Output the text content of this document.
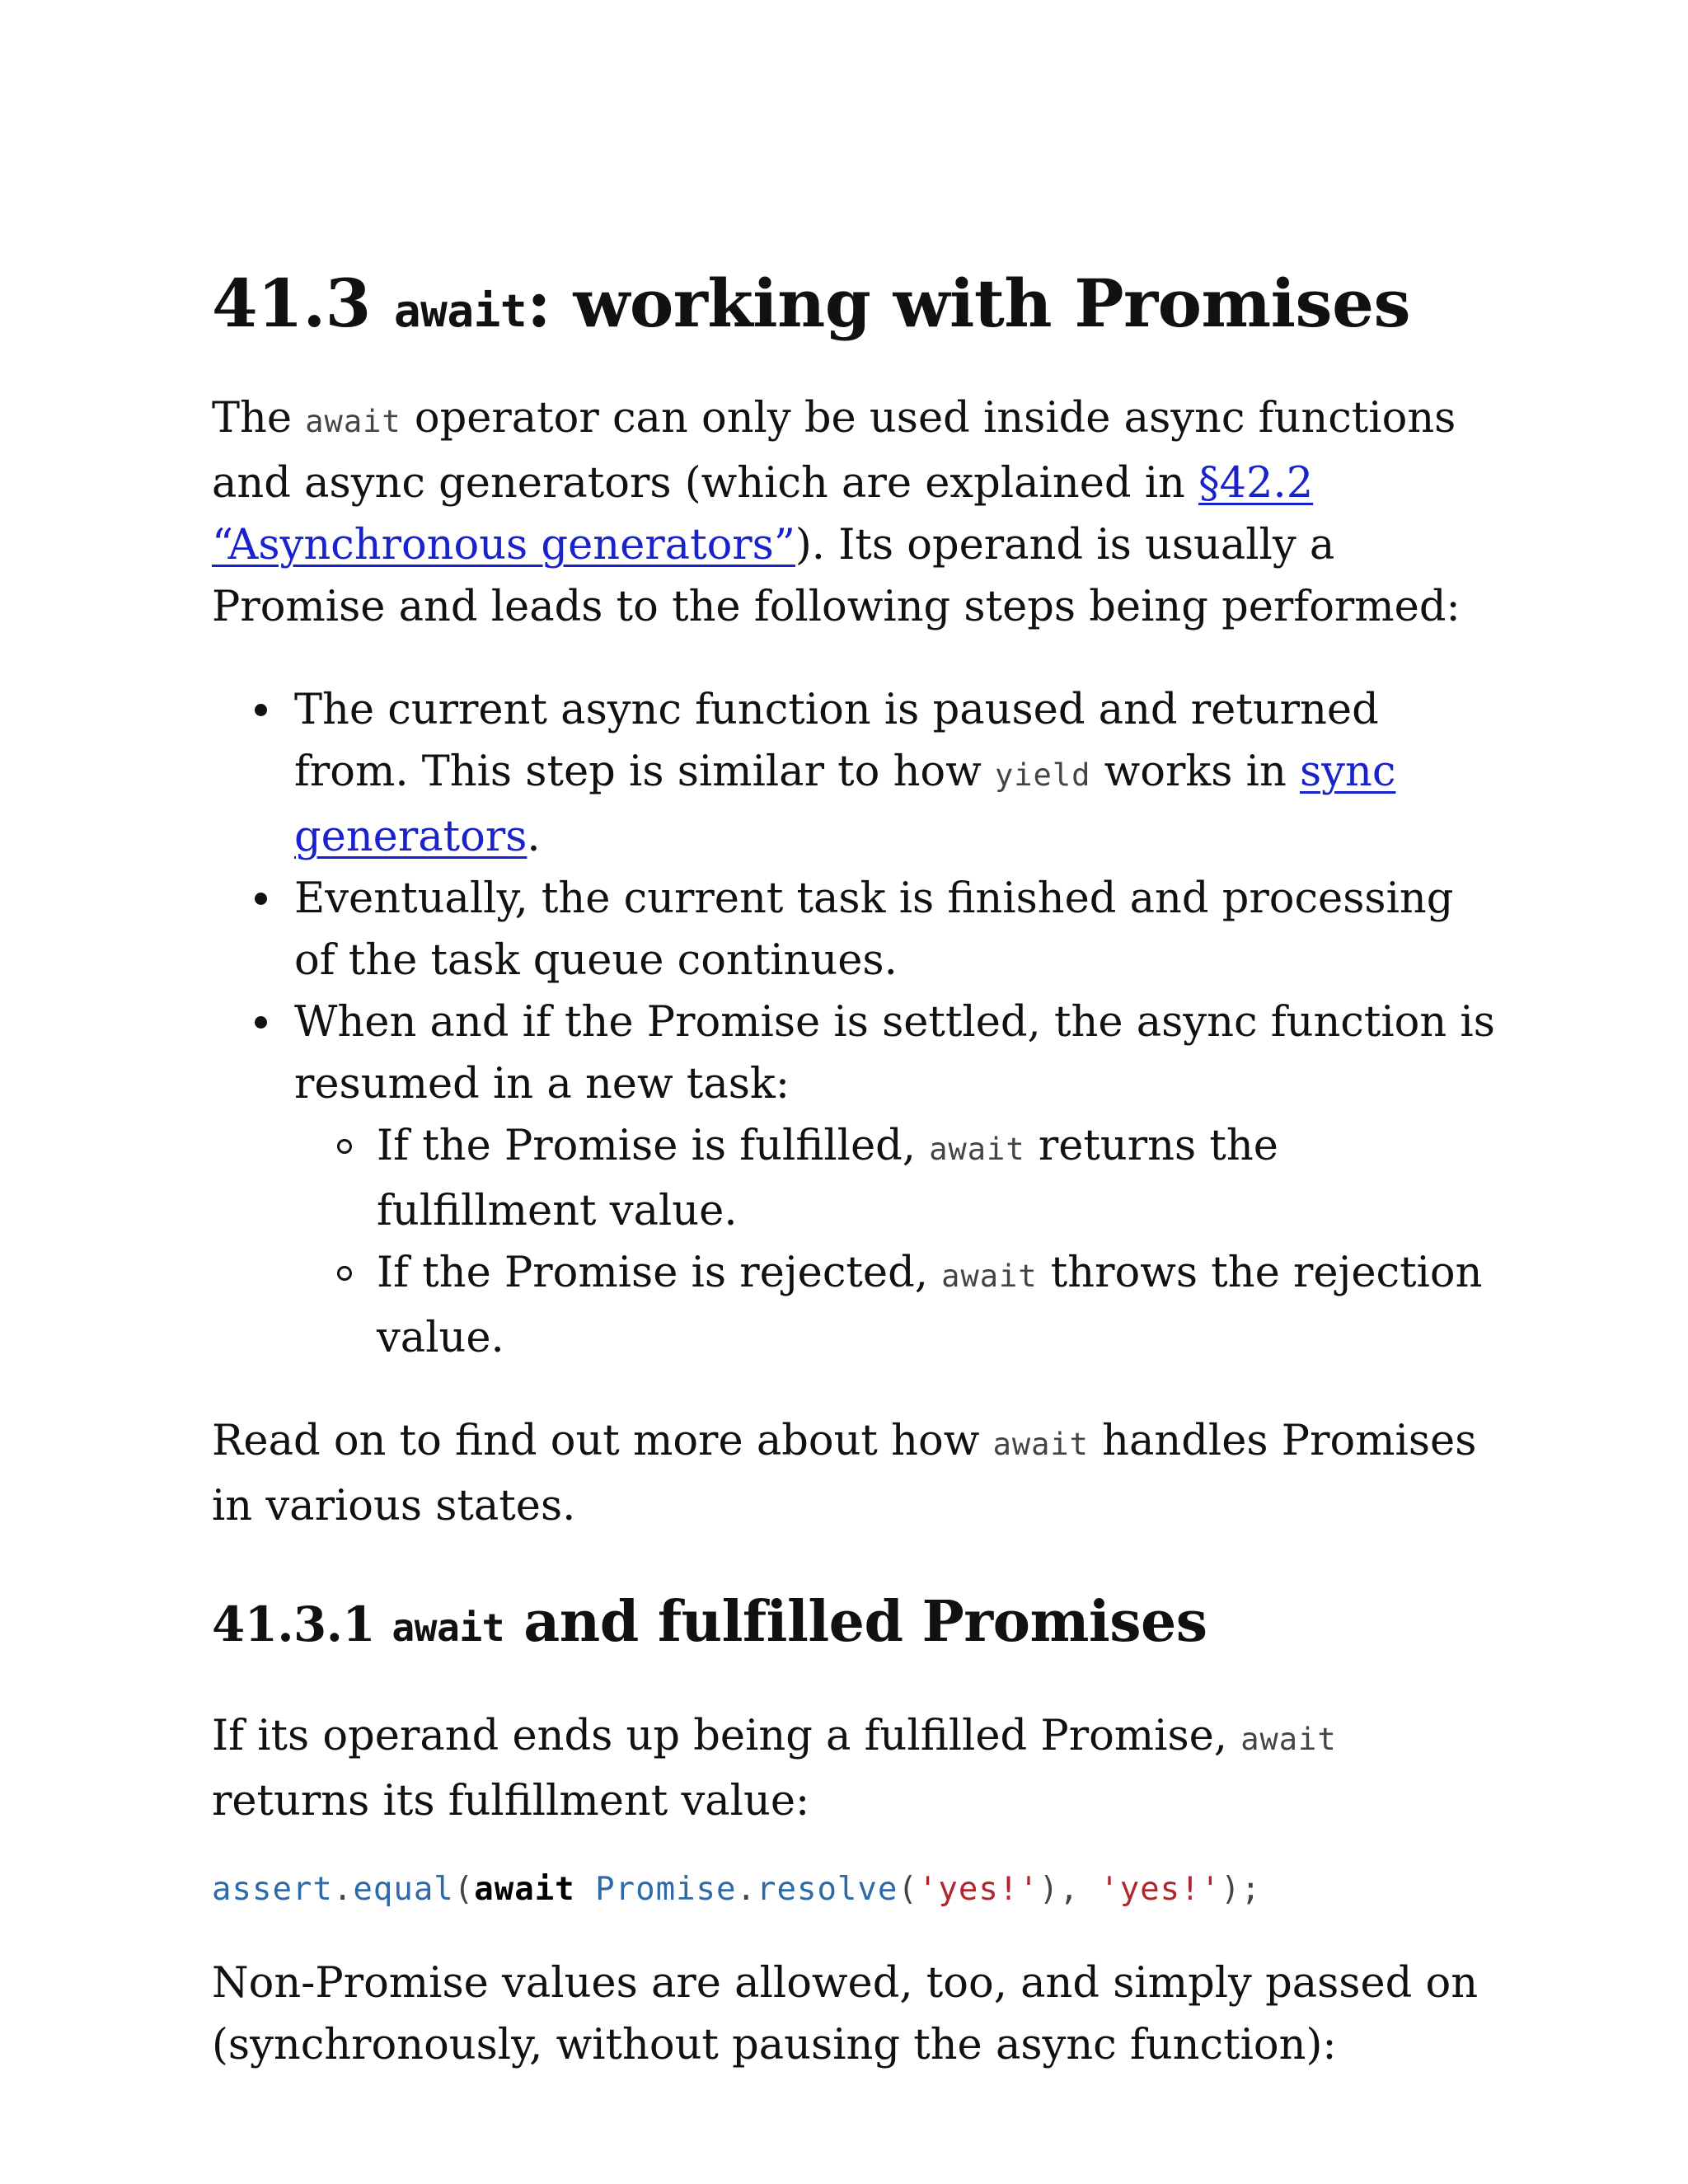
41.3 await: working with Promises

The await operator can only be used inside async functions and async generators (which are explained in §42.2 “Asynchronous generators”). Its operand is usually a Promise and leads to the following steps being performed:

The current async function is paused and returned from. This step is similar to how yield works in sync generators.
Eventually, the current task is finished and processing of the task queue continues.
When and if the Promise is settled, the async function is resumed in a new task:
If the Promise is fulfilled, await returns the fulfillment value.
If the Promise is rejected, await throws the rejection value.

Read on to find out more about how await handles Promises in various states.

41.3.1 await and fulfilled Promises

If its operand ends up being a fulfilled Promise, await returns its fulfillment value:

assert.equal(await Promise.resolve('yes!'), 'yes!');

Non-Promise values are allowed, too, and simply passed on (synchronously, without pausing the async function):
